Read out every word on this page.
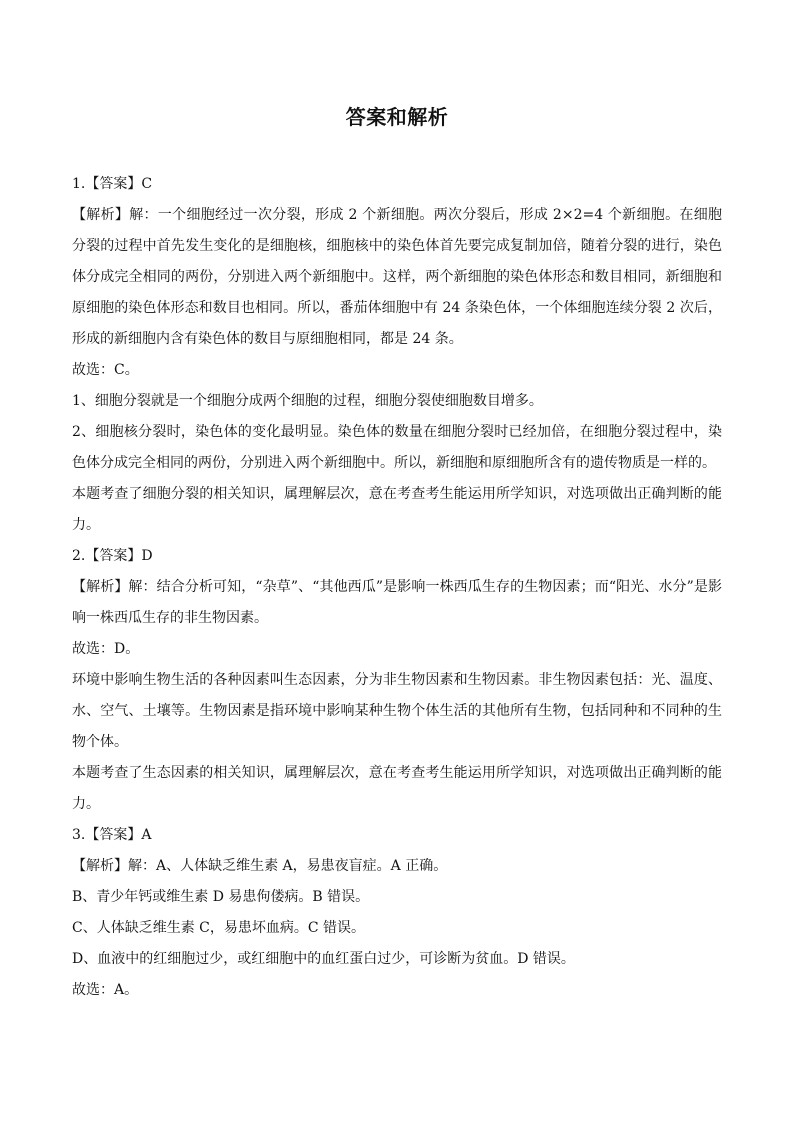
答案和解析

1.【答案】C

【解析】解：一个细胞经过一次分裂，形成 2 个新细胞。两次分裂后，形成 2×2=4 个新细胞。在细胞分裂的过程中首先发生变化的是细胞核，细胞核中的染色体首先要完成复制加倍，随着分裂的进行，染色体分成完全相同的两份，分别进入两个新细胞中。这样，两个新细胞的染色体形态和数目相同，新细胞和原细胞的染色体形态和数目也相同。所以，番茄体细胞中有 24 条染色体，一个体细胞连续分裂 2 次后，形成的新细胞内含有染色体的数目与原细胞相同，都是 24 条。

故选：C。

1、细胞分裂就是一个细胞分成两个细胞的过程，细胞分裂使细胞数目增多。

2、细胞核分裂时，染色体的变化最明显。染色体的数量在细胞分裂时已经加倍，在细胞分裂过程中，染色体分成完全相同的两份，分别进入两个新细胞中。所以，新细胞和原细胞所含有的遗传物质是一样的。

本题考查了细胞分裂的相关知识，属理解层次，意在考查考生能运用所学知识，对选项做出正确判断的能力。

2.【答案】D

【解析】解：结合分析可知，“杂草”、“其他西瓜”是影响一株西瓜生存的生物因素；而“阳光、水分”是影响一株西瓜生存的非生物因素。

故选：D。

环境中影响生物生活的各种因素叫生态因素，分为非生物因素和生物因素。非生物因素包括：光、温度、水、空气、土壤等。生物因素是指环境中影响某种生物个体生活的其他所有生物，包括同种和不同种的生物个体。

本题考查了生态因素的相关知识，属理解层次，意在考查考生能运用所学知识，对选项做出正确判断的能力。

3.【答案】A

【解析】解：A、人体缺乏维生素 A，易患夜盲症。A 正确。

B、青少年钙或维生素 D 易患佝偻病。B 错误。

C、人体缺乏维生素 C，易患坏血病。C 错误。

D、血液中的红细胞过少，或红细胞中的血红蛋白过少，可诊断为贫血。D 错误。

故选：A。
